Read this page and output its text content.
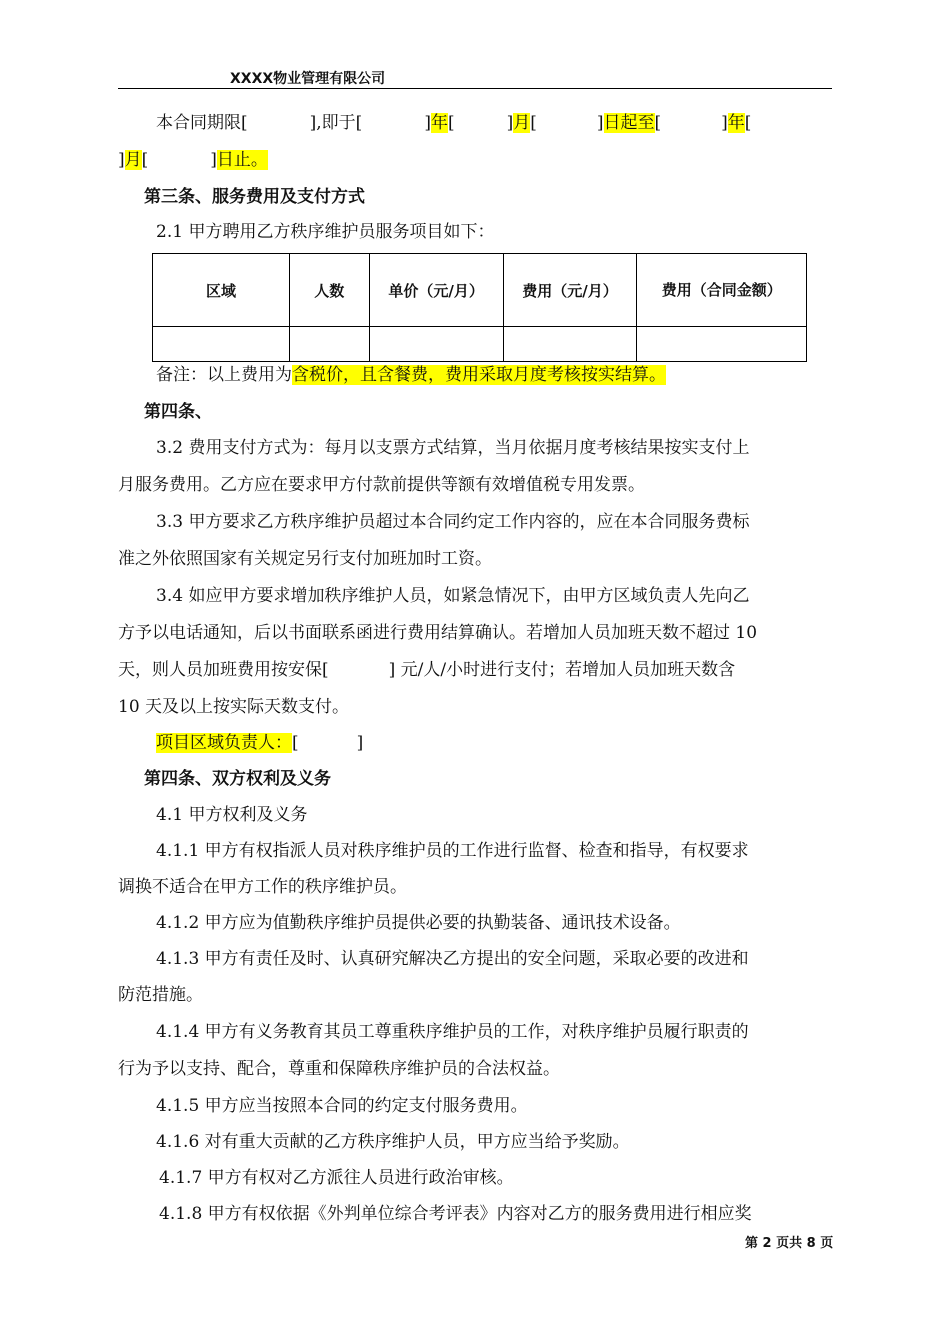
XXXX物业管理有限公司
本合同期限[	],即于[	]年[	]月[	]日起至[	]年[
]月[	]日止。
第三条、服务费用及支付方式
2.1 甲方聘用乙方秩序维护员服务项目如下：
区域	人数	单价（元/月）	费用（元/月）	费用（合同金额）

备注：以上费用为含税价，且含餐费，费用采取月度考核按实结算。
第四条、
3.2 费用支付方式为：每月以支票方式结算，当月依据月度考核结果按实支付上
月服务费用。乙方应在要求甲方付款前提供等额有效增值税专用发票。
3.3 甲方要求乙方秩序维护员超过本合同约定工作内容的，应在本合同服务费标
准之外依照国家有关规定另行支付加班加时工资。
3.4 如应甲方要求增加秩序维护人员，如紧急情况下，由甲方区域负责人先向乙
方予以电话通知，后以书面联系函进行费用结算确认。若增加人员加班天数不超过 10
天，则人员加班费用按安保[	] 元/人/小时进行支付；若增加人员加班天数含
10 天及以上按实际天数支付。
项目区域负责人：[	]
第四条、双方权利及义务
4.1 甲方权利及义务
4.1.1 甲方有权指派人员对秩序维护员的工作进行监督、检查和指导，有权要求
调换不适合在甲方工作的秩序维护员。
4.1.2 甲方应为值勤秩序维护员提供必要的执勤装备、通讯技术设备。
4.1.3 甲方有责任及时、认真研究解决乙方提出的安全问题，采取必要的改进和
防范措施。
4.1.4 甲方有义务教育其员工尊重秩序维护员的工作，对秩序维护员履行职责的
行为予以支持、配合，尊重和保障秩序维护员的合法权益。
4.1.5 甲方应当按照本合同的约定支付服务费用。
4.1.6 对有重大贡献的乙方秩序维护人员，甲方应当给予奖励。
4.1.7 甲方有权对乙方派往人员进行政治审核。
4.1.8 甲方有权依据《外判单位综合考评表》内容对乙方的服务费用进行相应奖
第 2 页共 8 页
